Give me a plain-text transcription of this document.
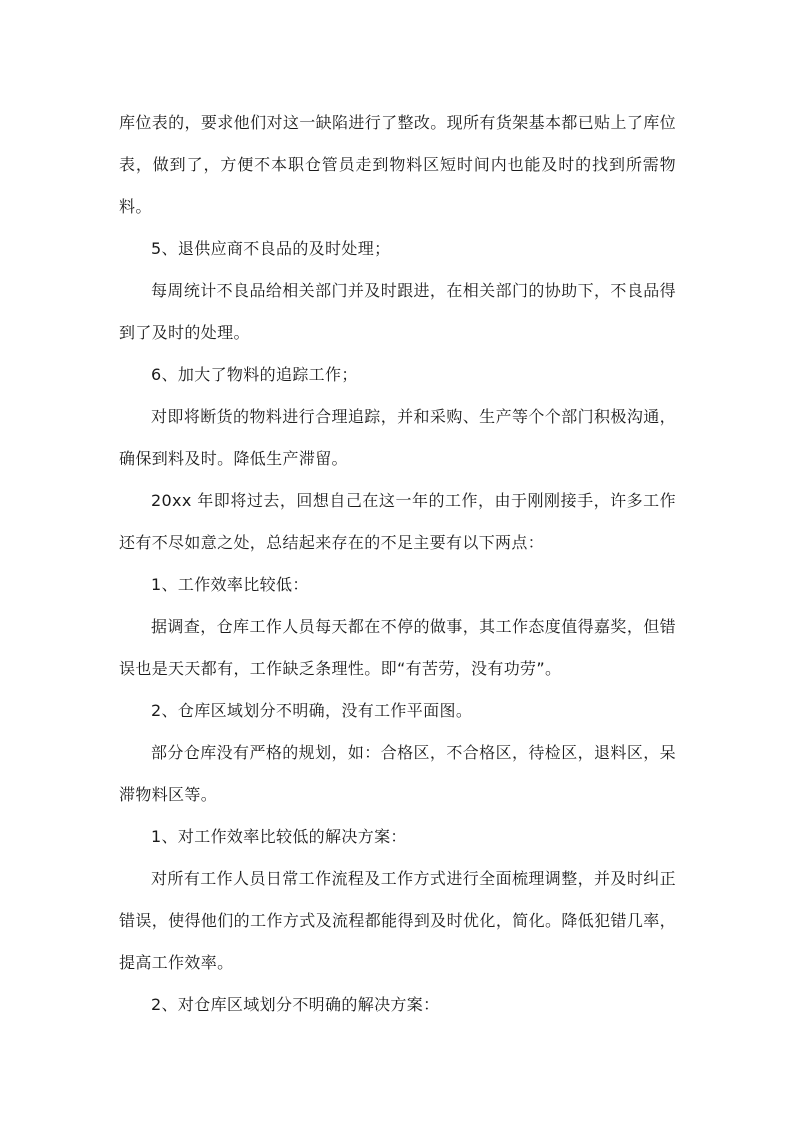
库位表的，要求他们对这一缺陷进行了整改。现所有货架基本都已贴上了库位表，做到了，方便不本职仓管员走到物料区短时间内也能及时的找到所需物料。

5、退供应商不良品的及时处理；

每周统计不良品给相关部门并及时跟进，在相关部门的协助下，不良品得到了及时的处理。

6、加大了物料的追踪工作；

对即将断货的物料进行合理追踪，并和采购、生产等个个部门积极沟通，确保到料及时。降低生产滞留。

20xx 年即将过去，回想自己在这一年的工作，由于刚刚接手，许多工作还有不尽如意之处，总结起来存在的不足主要有以下两点：

1、工作效率比较低：

据调查，仓库工作人员每天都在不停的做事，其工作态度值得嘉奖，但错误也是天天都有，工作缺乏条理性。即“有苦劳，没有功劳”。

2、仓库区域划分不明确，没有工作平面图。

部分仓库没有严格的规划，如：合格区，不合格区，待检区，退料区，呆滞物料区等。

1、对工作效率比较低的解决方案：

对所有工作人员日常工作流程及工作方式进行全面梳理调整，并及时纠正错误，使得他们的工作方式及流程都能得到及时优化，简化。降低犯错几率，提高工作效率。

2、对仓库区域划分不明确的解决方案：
